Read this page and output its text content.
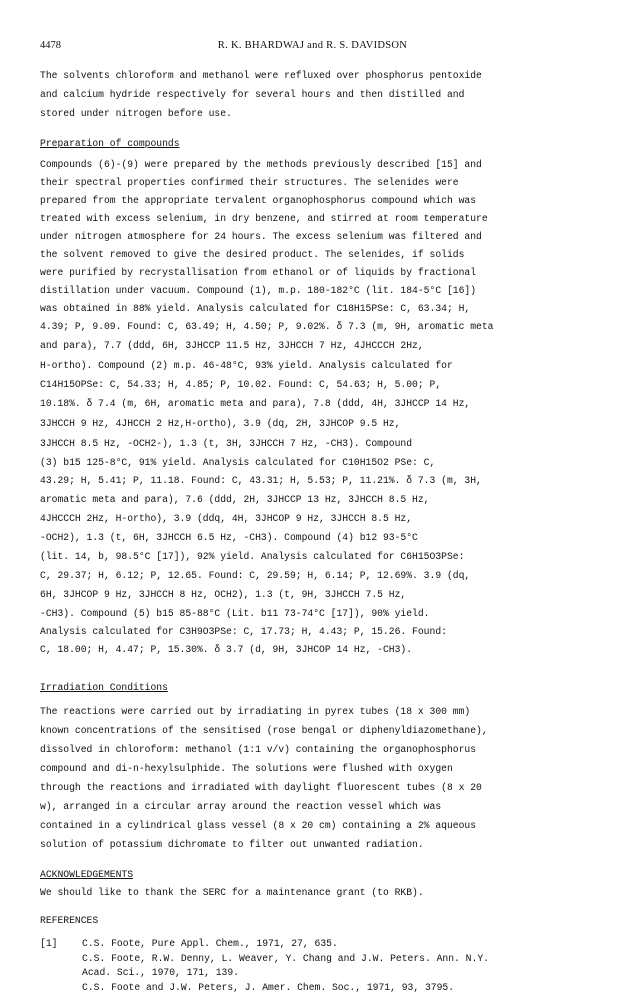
4478	R. K. BHARDWAJ and R. S. DAVIDSON
The solvents chloroform and methanol were refluxed over phosphorus pentoxide
and calcium hydride respectively for several hours and then distilled and
stored under nitrogen before use.
Preparation of compounds
Compounds (6)-(9) were prepared by the methods previously described [15] and
their spectral properties confirmed their structures. The selenides were
prepared from the appropriate tervalent organophosphorus compound which was
treated with excess selenium, in dry benzene, and stirred at room temperature
under nitrogen atmosphere for 24 hours. The excess selenium was filtered and
the solvent removed to give the desired product. The selenides, if solids
were purified by recrystallisation from ethanol or of liquids by fractional
distillation under vacuum. Compound (1), m.p. 180-182°C (lit. 184-5°C [16])
was obtained in 88% yield. Analysis calculated for C18H15PSe: C, 63.34; H,
4.39; P, 9.09. Found: C, 63.49; H, 4.50; P, 9.02%. δ 7.3 (m, 9H, aromatic meta
and para), 7.7 (ddd, 6H, 3JHCCP 11.5 Hz, 3JHCCH 7 Hz, 4JHCCCH 2Hz,
H-ortho). Compound (2) m.p. 46-48°C, 93% yield. Analysis calculated for
C14H15OPSe: C, 54.33; H, 4.85; P, 10.02. Found: C, 54.63; H, 5.00; P,
10.18%. δ 7.4 (m, 6H, aromatic meta and para), 7.8 (ddd, 4H, 3JHCCP 14 Hz,
3JHCCH 9 Hz, 4JHCCH 2 Hz,H-ortho), 3.9 (dq, 2H, 3JHCOP 9.5 Hz,
3JHCCH 8.5 Hz, -OCH2-), 1.3 (t, 3H, 3JHCCH 7 Hz, -CH3). Compound
(3) b15 125-8°C, 91% yield. Analysis calculated for C10H15O2 PSe: C,
43.29; H, 5.41; P, 11.18. Found: C, 43.31; H, 5.53; P, 11.21%. δ 7.3 (m, 3H,
aromatic meta and para), 7.6 (ddd, 2H, 3JHCCP 13 Hz, 3JHCCH 8.5 Hz,
4JHCCCH 2Hz, H-ortho), 3.9 (ddq, 4H, 3JHCOP 9 Hz, 3JHCCH 8.5 Hz,
-OCH2), 1.3 (t, 6H, 3JHCCH 6.5 Hz, -CH3). Compound (4) b12 93-5°C
(lit. 14, b, 98.5°C [17]), 92% yield. Analysis calculated for C6H15O3PSe:
C, 29.37; H, 6.12; P, 12.65. Found: C, 29.59; H, 6.14; P, 12.69%. 3.9 (dq,
6H, 3JHCOP 9 Hz, 3JHCCH 8 Hz, OCH2), 1.3 (t, 9H, 3JHCCH 7.5 Hz,
-CH3). Compound (5) b15 85-88°C (Lit. b11 73-74°C [17]), 90% yield.
Analysis calculated for C3H9O3PSe: C, 17.73; H, 4.43; P, 15.26. Found:
C, 18.00; H, 4.47; P, 15.30%. δ 3.7 (d, 9H, 3JHCOP 14 Hz, -CH3).
Irradiation Conditions
The reactions were carried out by irradiating in pyrex tubes (18 x 300 mm)
known concentrations of the sensitised (rose bengal or diphenyldiazomethane),
dissolved in chloroform: methanol (1:1 v/v) containing the organophosphorus
compound and di-n-hexylsulphide. The solutions were flushed with oxygen
through the reactions and irradiated with daylight fluorescent tubes (8 x 20
w), arranged in a circular array around the reaction vessel which was
contained in a cylindrical glass vessel (8 x 20 cm) containing a 2% aqueous
solution of potassium dichromate to filter out unwanted radiation.
ACKNOWLEDGEMENTS
We should like to thank the SERC for a maintenance grant (to RKB).
REFERENCES
[1]	C.S. Foote, Pure Appl. Chem., 1971, 27, 635.
C.S. Foote, R.W. Denny, L. Weaver, Y. Chang and J.W. Peters. Ann. N.Y.
Acad. Sci., 1970, 171, 139.
C.S. Foote and J.W. Peters, J. Amer. Chem. Soc., 1971, 93, 3795.
